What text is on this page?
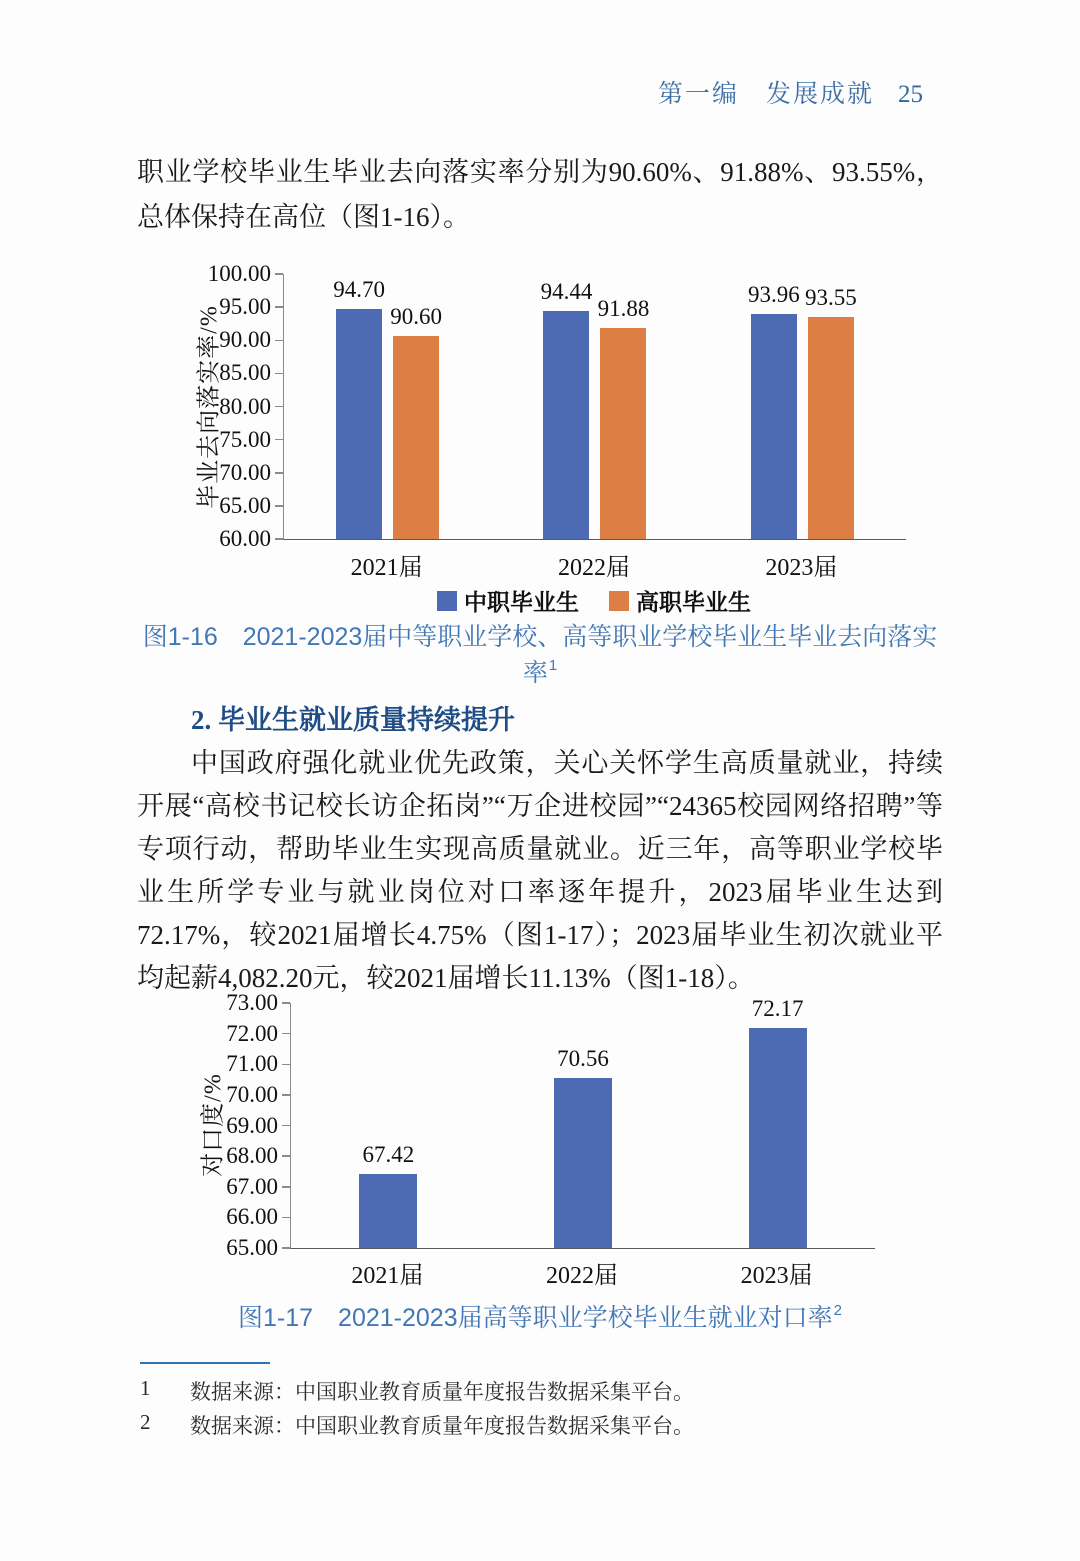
第一编　发展成就 25

职业学校毕业生毕业去向落实率分别为90.60%、91.88%、93.55%，总体保持在高位（图1-16）。

毕业去向落实率/%
100.00
95.00
90.00
85.00
80.00
75.00
70.00
65.00
60.00
94.70
90.60
94.44
91.88
93.96 93.55
2021届	2022届	2023届
中职毕业生 高职毕业生
图1-16　2021-2023届中等职业学校、高等职业学校毕业生毕业去向落实率$^1$
2. 毕业生就业质量持续提升

中国政府强化就业优先政策，关心关怀学生高质量就业，持续开展“高校书记校长访企拓岗”“万企进校园”“24365校园网络招聘”等专项行动，帮助毕业生实现高质量就业。近三年，高等职业学校毕业生所学专业与就业岗位对口率逐年提升，2023届毕业生达到72.17%，较2021届增长4.75%（图1-17）；2023届毕业生初次就业平均起薪4,082.20元，较2021届增长11.13%（图1-18）。

对口度/%
73.00
72.00
71.00
70.00
69.00
68.00
67.00
66.00
65.00
67.42
70.56
72.17
2021届	2022届	2023届
图1-17　2021-2023届高等职业学校毕业生就业对口率$^2$
1	数据来源：中国职业教育质量年度报告数据采集平台。
2	数据来源：中国职业教育质量年度报告数据采集平台。
